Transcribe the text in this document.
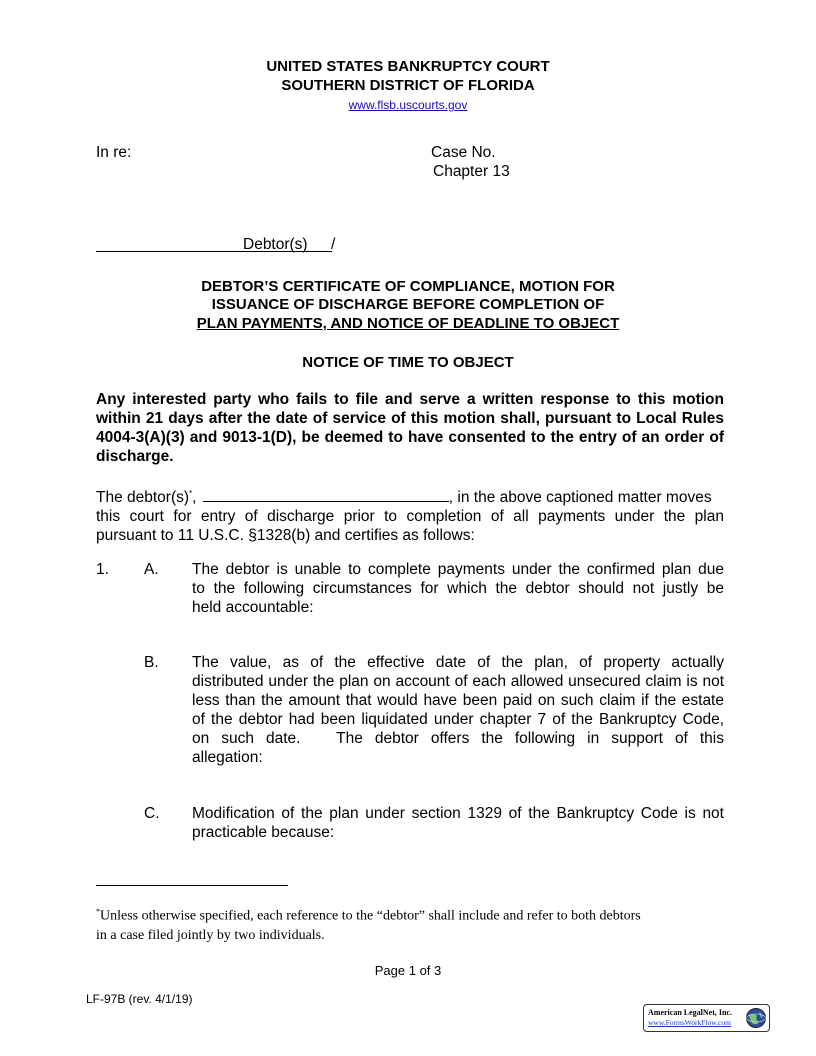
UNITED STATES BANKRUPTCY COURT
SOUTHERN DISTRICT OF FLORIDA
www.flsb.uscourts.gov
In re:	Case No.
Chapter 13
Debtor(s) /
DEBTOR’S CERTIFICATE OF COMPLIANCE, MOTION FOR
ISSUANCE OF DISCHARGE BEFORE COMPLETION OF
PLAN PAYMENTS, AND NOTICE OF DEADLINE TO OBJECT
NOTICE OF TIME TO OBJECT
Any interested party who fails to file and serve a written response to this motion
within 21 days after the date of service of this motion shall, pursuant to Local Rules
4004-3(A)(3) and 9013-1(D), be deemed to have consented to the entry of an order of
discharge.
The debtor(s)*,	, in the above captioned matter moves
this court for entry of discharge prior to completion of all payments under the plan
pursuant to 11 U.S.C. §1328(b) and certifies as follows:
1. A. The debtor is unable to complete payments under the confirmed plan due
to the following circumstances for which the debtor should not justly be
held accountable:
B. The value, as of the effective date of the plan, of property actually
distributed under the plan on account of each allowed unsecured claim is not
less than the amount that would have been paid on such claim if the estate
of the debtor had been liquidated under chapter 7 of the Bankruptcy Code,
on such date.   The debtor offers the following in support of this
allegation:
C. Modification of the plan under section 1329 of the Bankruptcy Code is not
practicable because:
*Unless otherwise specified, each reference to the “debtor” shall include and refer to both debtors
in a case filed jointly by two individuals.
Page 1 of 3
LF-97B (rev. 4/1/19)
American LegalNet, Inc.
www.FormsWorkFlow.com
